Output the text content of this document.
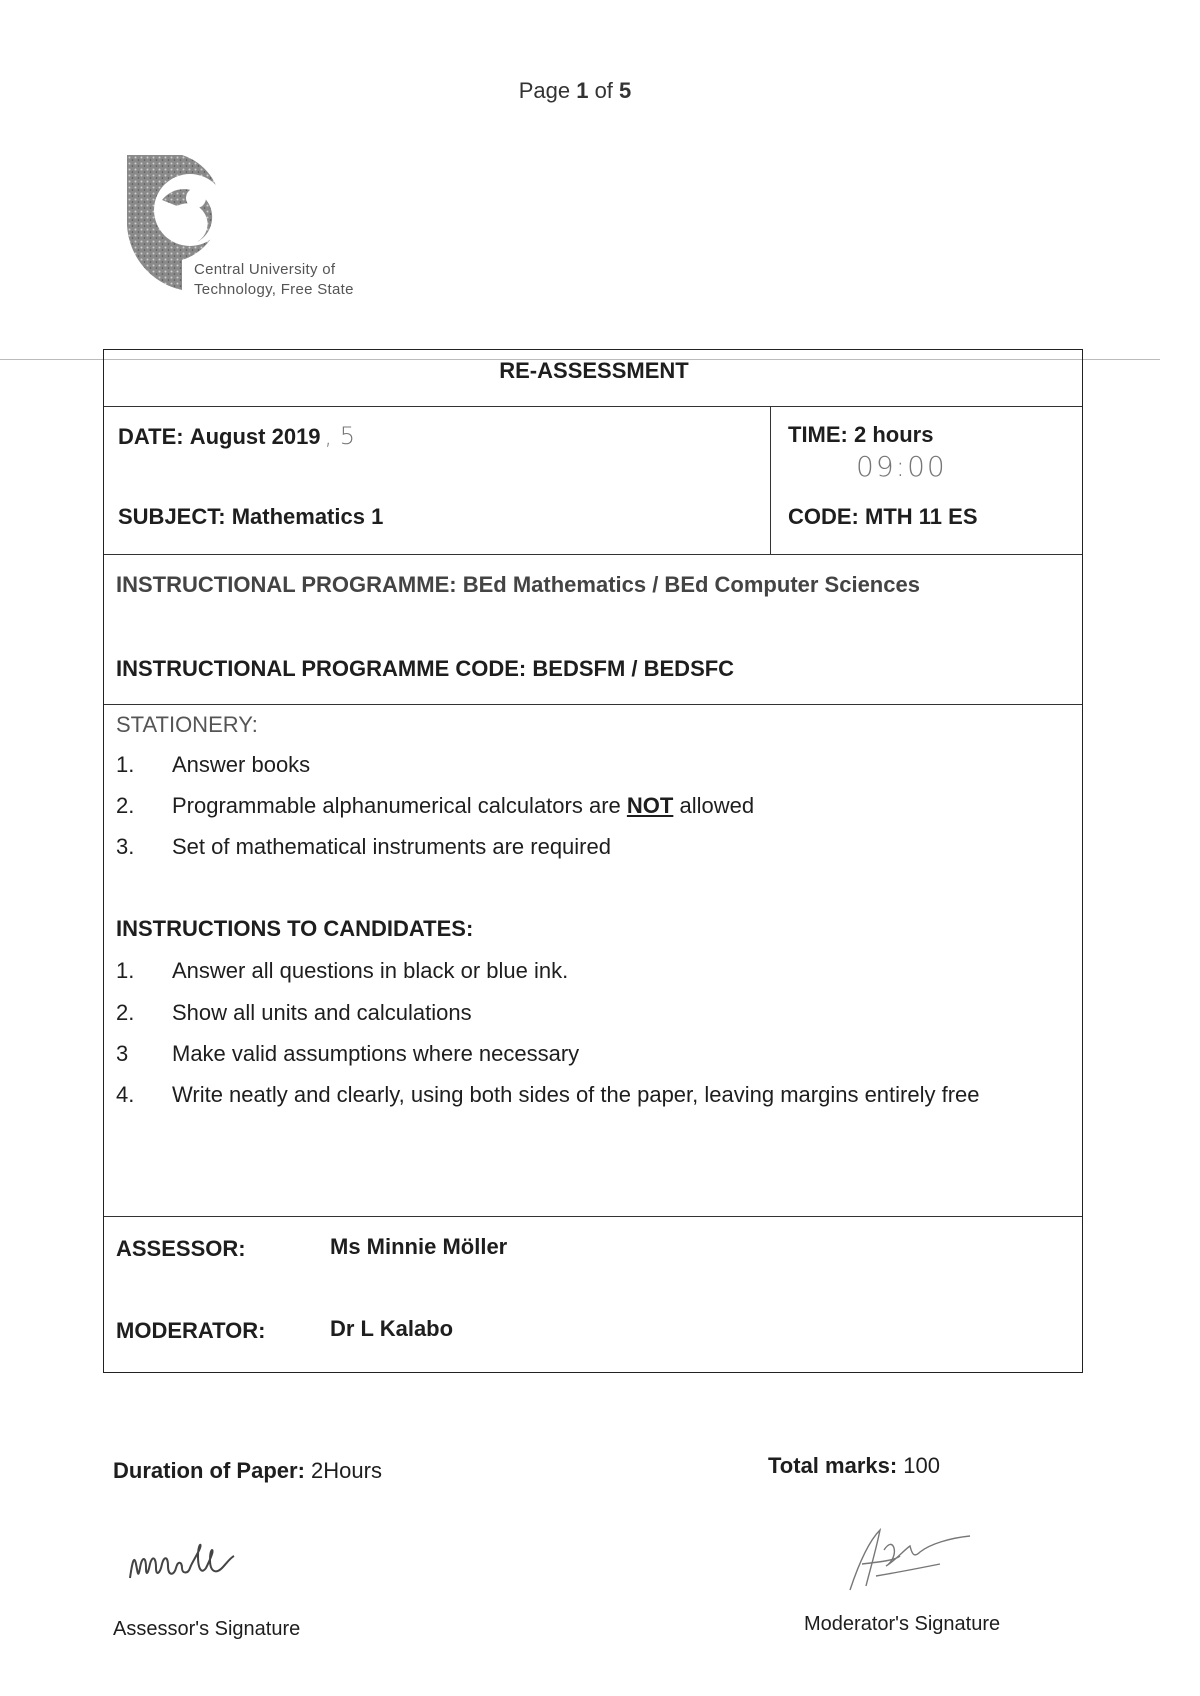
Page 1 of 5
Central University of
Technology, Free State
RE-ASSESSMENT
DATE: August 2019 , 5	TIME: 2 hours
09:00
SUBJECT: Mathematics 1	CODE: MTH 11 ES
INSTRUCTIONAL PROGRAMME: BEd Mathematics / BEd Computer Sciences
INSTRUCTIONAL PROGRAMME CODE: BEDSFM / BEDSFC
STATIONERY:
1. Answer books
2. Programmable alphanumerical calculators are NOT allowed
3. Set of mathematical instruments are required
INSTRUCTIONS TO CANDIDATES:
1. Answer all questions in black or blue ink.
2. Show all units and calculations
3 Make valid assumptions where necessary
4. Write neatly and clearly, using both sides of the paper, leaving margins entirely free
ASSESSOR:	Ms Minnie Möller
MODERATOR:	Dr L Kalabo
Duration of Paper: 2Hours	Total marks: 100
Assessor's Signature	Moderator's Signature
